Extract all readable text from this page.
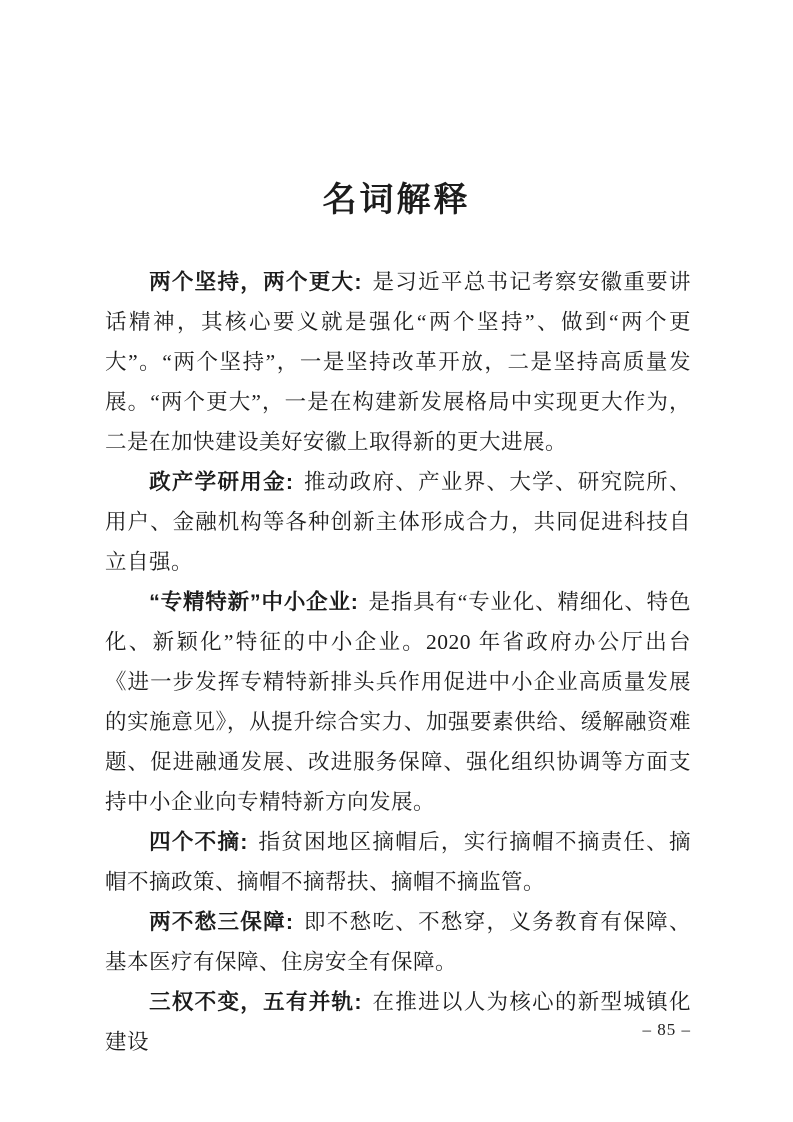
名词解释

两个坚持，两个更大: 是习近平总书记考察安徽重要讲话精神，其核心要义就是强化“两个坚持”、做到“两个更大”。“两个坚持”，一是坚持改革开放，二是坚持高质量发展。“两个更大”，一是在构建新发展格局中实现更大作为，二是在加快建设美好安徽上取得新的更大进展。

政产学研用金: 推动政府、产业界、大学、研究院所、用户、金融机构等各种创新主体形成合力，共同促进科技自立自强。

“专精特新”中小企业: 是指具有“专业化、精细化、特色化、新颖化”特征的中小企业。2020 年省政府办公厅出台《进一步发挥专精特新排头兵作用促进中小企业高质量发展的实施意见》，从提升综合实力、加强要素供给、缓解融资难题、促进融通发展、改进服务保障、强化组织协调等方面支持中小企业向专精特新方向发展。

四个不摘: 指贫困地区摘帽后，实行摘帽不摘责任、摘帽不摘政策、摘帽不摘帮扶、摘帽不摘监管。

两不愁三保障: 即不愁吃、不愁穿，义务教育有保障、基本医疗有保障、住房安全有保障。

三权不变，五有并轨: 在推进以人为核心的新型城镇化建设

– 85 –
